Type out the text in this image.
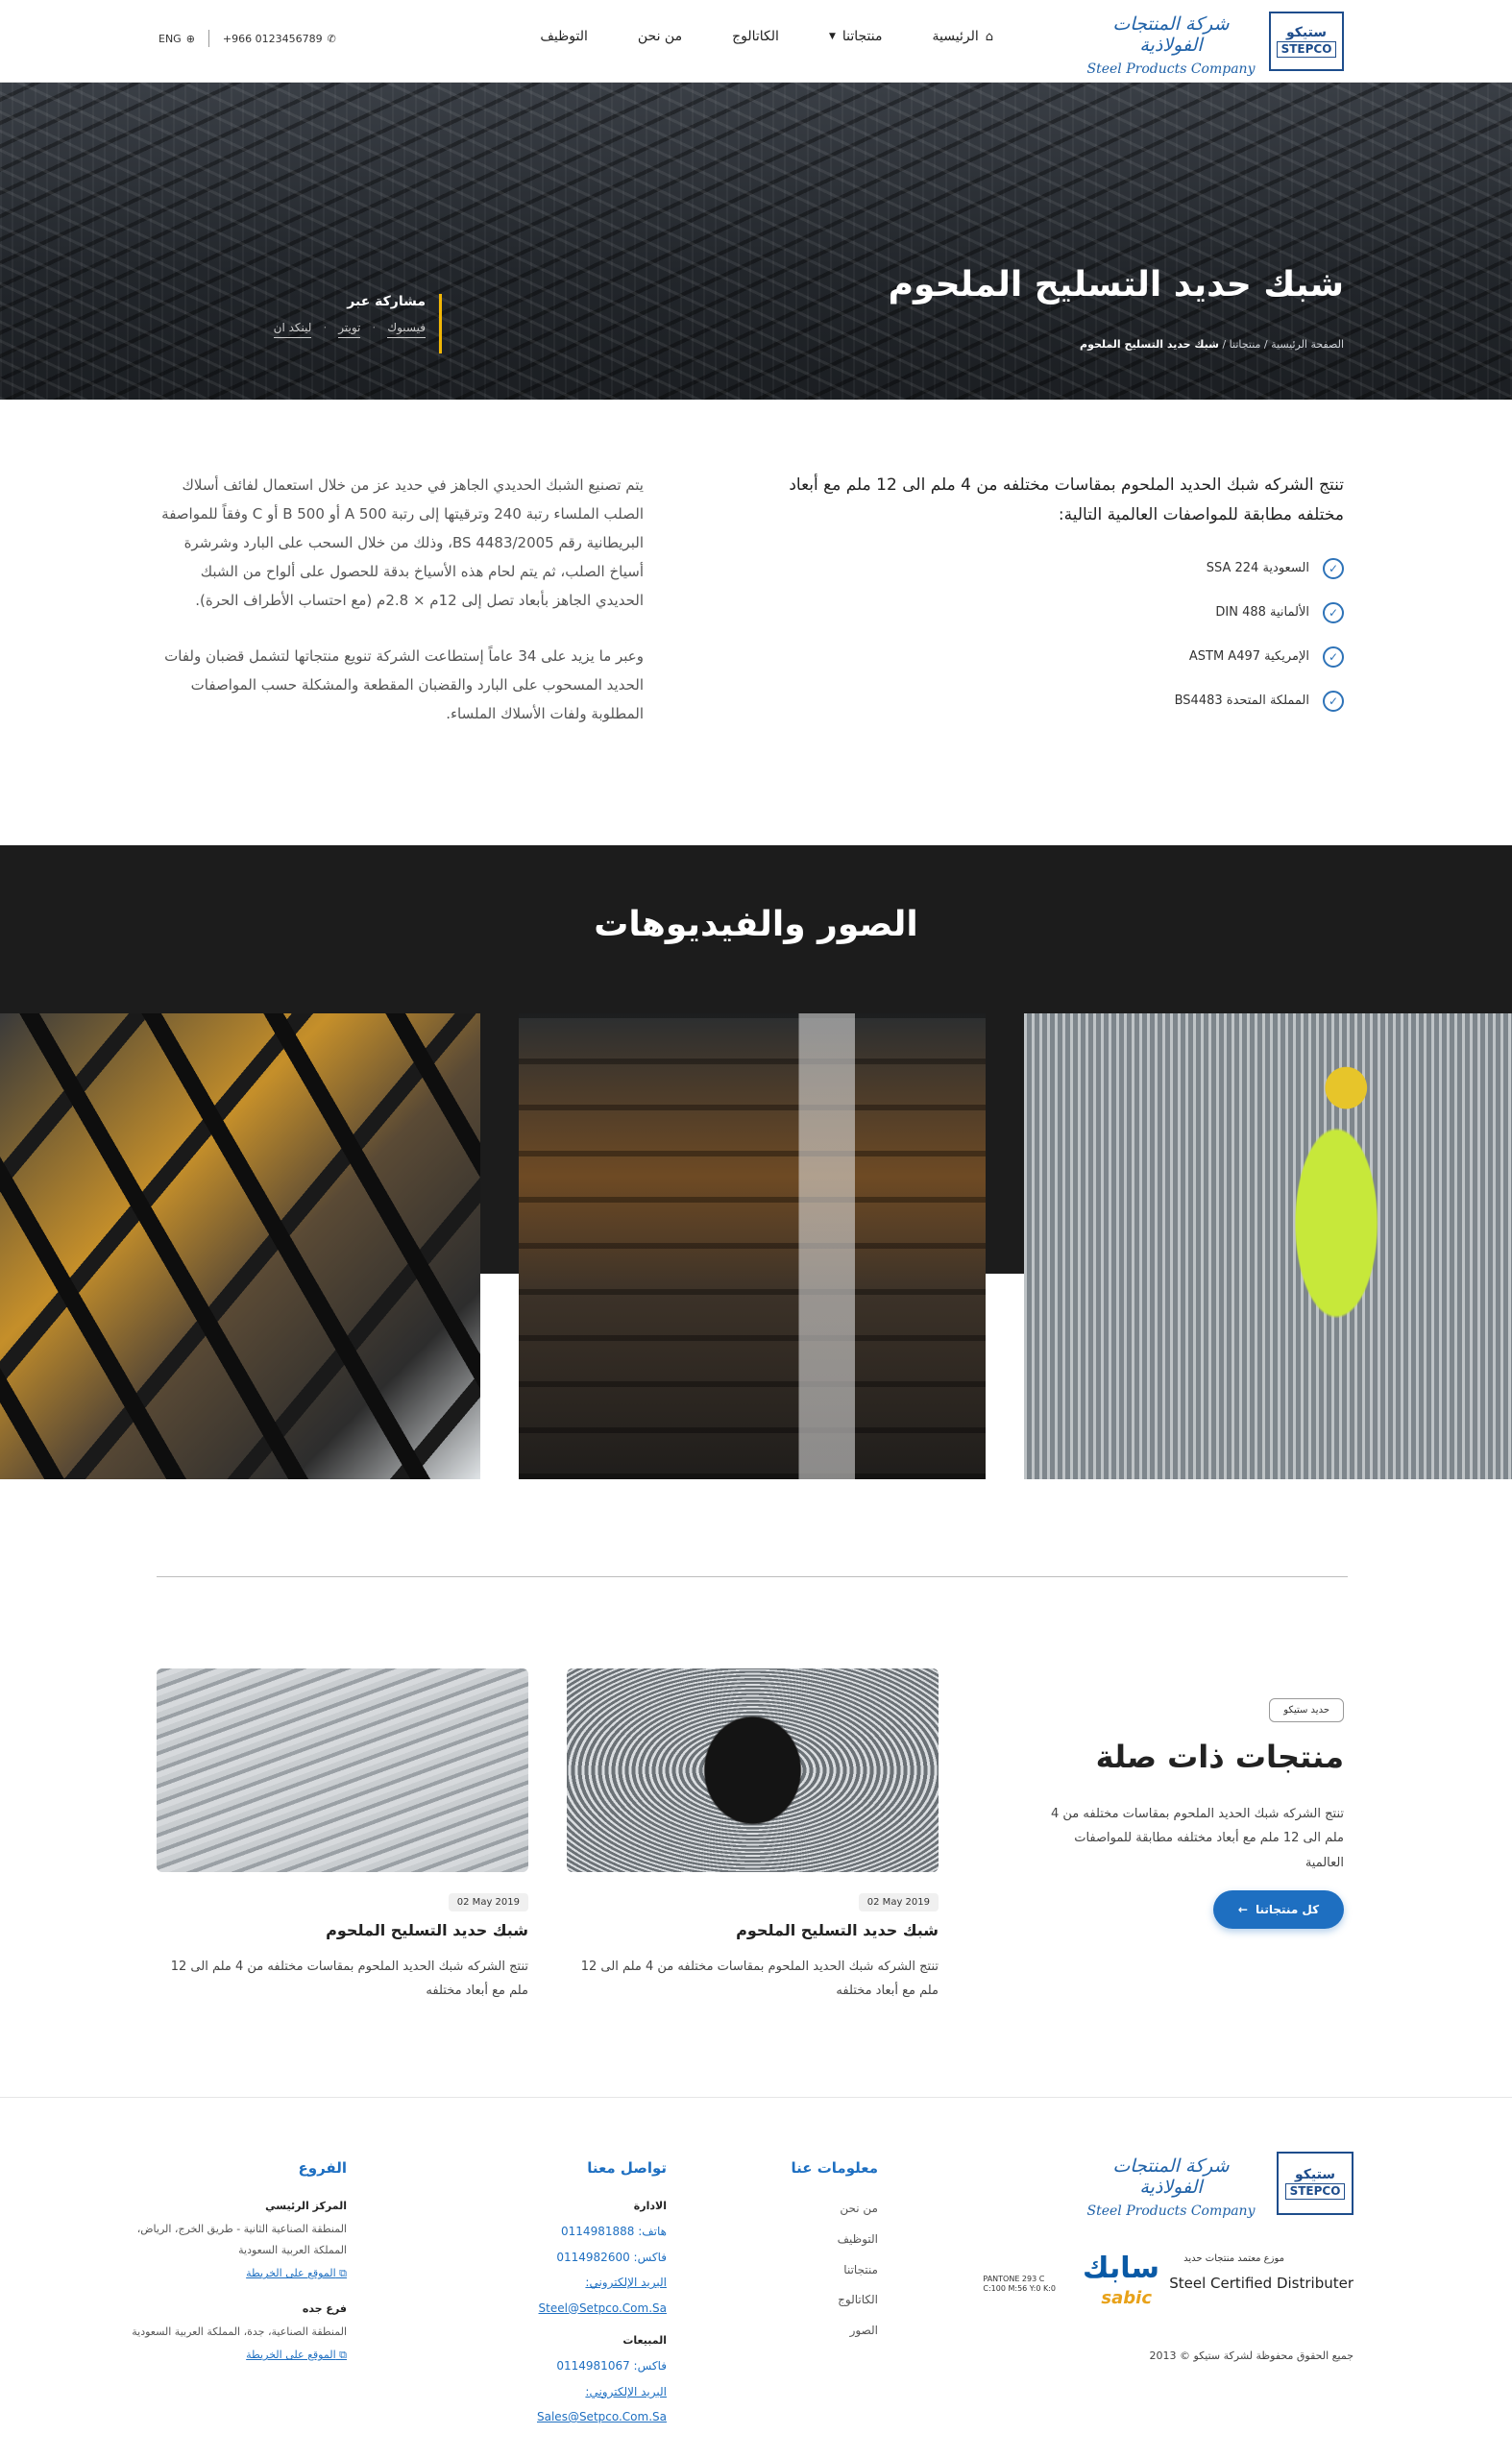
ستيكو
STEPCO
شركة المنتجات الفولاذية
Steel Products Company
⌂
الرئيسية
منتجاتنا
▼
الكاتالوج
من نحن
التوظيف
+966 0123456789 ✆
ENG ⊕
شبك حديد التسليح الملحوم
الصفحة الرئيسية / منتجاتنا / شبك حديد التسليح الملحوم
مشاركة عبر
فيسبوك
·
تويتر
·
لينكد ان

تنتج الشركه شبك الحديد الملحوم بمقاسات مختلفه من 4 ملم الى 12 ملم مع أبعاد مختلفه مطابقة للمواصفات العالمية التالية:

✓
السعودية SSA 224
✓
الألمانية DIN 488
✓
الإمريكية ASTM A497
✓
المملكة المتحدة BS4483

يتم تصنيع الشبك الحديدي الجاهز في حديد عز من خلال استعمال لفائف أسلاك الصلب الملساء رتبة 240 وترقيتها إلى رتبة A 500 أو B 500 أو C وفقاً للمواصفة البريطانية رقم BS 4483/2005، وذلك من خلال السحب على البارد وشرشرة أسياخ الصلب، ثم يتم لحام هذه الأسياخ بدقة للحصول على ألواح من الشبك الحديدي الجاهز بأبعاد تصل إلى 12م × 2.8م (مع احتساب الأطراف الحرة).

وعبر ما يزيد على 34 عاماً إستطاعت الشركة تنويع منتجاتها لتشمل قضبان ولفات الحديد المسحوب على البارد والقضبان المقطعة والمشكلة حسب المواصفات المطلوبة ولفات الأسلاك الملساء.

الصور والفيديوهات
حديد ستيكو
منتجات ذات صلة

تنتج الشركه شبك الحديد الملحوم بمقاسات مختلفه من 4 ملم الى 12 ملم مع أبعاد مختلفه مطابقة للمواصفات العالمية

كل منتجاتنا
←
02 May 2019
شبك حديد التسليح الملحوم

تنتج الشركه شبك الحديد الملحوم بمقاسات مختلفه من 4 ملم الى 12 ملم مع أبعاد مختلفه

02 May 2019
شبك حديد التسليح الملحوم

تنتج الشركه شبك الحديد الملحوم بمقاسات مختلفه من 4 ملم الى 12 ملم مع أبعاد مختلفه

ستيكو
STEPCO
شركة المنتجات الفولاذية
Steel Products Company
موزع معتمد منتجات حديد
Steel Certified Distributer
سابك
sabic
PANTONE 293 C
C:100 M:56 Y:0 K:0
معلومات عنا
من نحن
التوظيف
منتجاتنا
الكاتالوج
الصور
تواصل معنا
الادارة
هاتف: 0114981888
فاكس: 0114982600
البريد الإلكتروني: Steel@Setpco.Com.Sa
المبيعات
فاكس: 0114981067
البريد الإلكتروني: Sales@Setpco.Com.Sa
الفروع
المركز الرئيسي
المنطقة الصناعية الثانية - طريق الخرج، الرياض، المملكة العربية السعودية
⧉ الموقع على الخريطة
فرع جده
المنطقة الصناعية، جدة، المملكة العربية السعودية
⧉ الموقع على الخريطة	جميع الحقوق محفوظة لشركة ستيكو © 2013
